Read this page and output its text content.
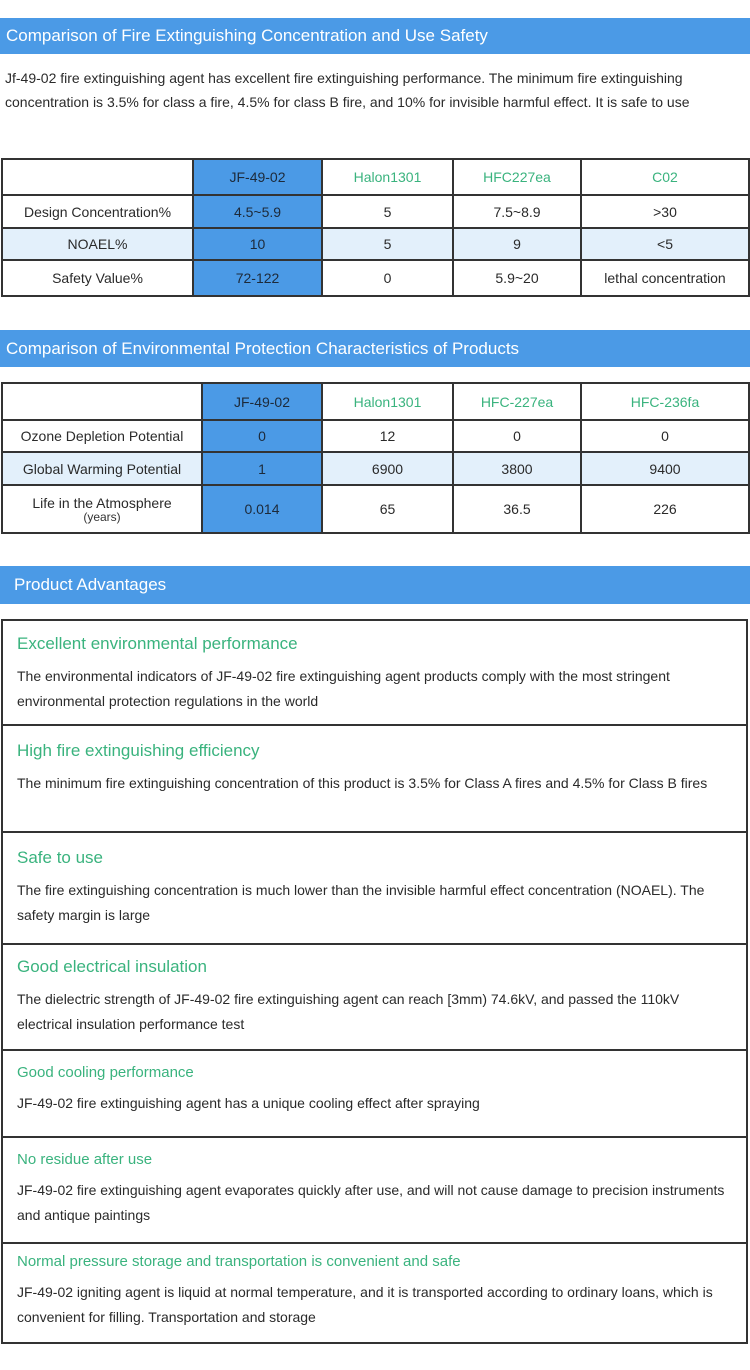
Comparison of Fire Extinguishing Concentration and Use Safety

Jf-49-02 fire extinguishing agent has excellent fire extinguishing performance. The minimum fire extinguishing concentration is 3.5% for class a fire, 4.5% for class B fire, and 10% for invisible harmful effect. It is safe to use

	JF-49-02	Halon1301	HFC227ea	C02
Design Concentration%	4.5~5.9	5	7.5~8.9	>30
NOAEL%	10	5	9	<5
Safety Value%	72-122	0	5.9~20	lethal concentration
Comparison of Environmental Protection Characteristics of Products
	JF-49-02	Halon1301	HFC-227ea	HFC-236fa
Ozone Depletion Potential	0	12	0	0
Global Warming Potential	1	6900	3800	9400
Life in the Atmosphere
(years)	0.014	65	36.5	226
Product Advantages
Excellent environmental performance
The environmental indicators of JF-49-02 fire extinguishing agent products comply with the most stringent environmental protection regulations in the world
High fire extinguishing efficiency
The minimum fire extinguishing concentration of this product is 3.5% for Class A fires and 4.5% for Class B fires
Safe to use
The fire extinguishing concentration is much lower than the invisible harmful effect concentration (NOAEL). The safety margin is large
Good electrical insulation
The dielectric strength of JF-49-02 fire extinguishing agent can reach [3mm) 74.6kV, and passed the 110kV electrical insulation performance test
Good cooling performance
JF-49-02 fire extinguishing agent has a unique cooling effect after spraying
No residue after use
JF-49-02 fire extinguishing agent evaporates quickly after use, and will not cause damage to precision instruments and antique paintings
Normal pressure storage and transportation is convenient and safe
JF-49-02 igniting agent is liquid at normal temperature, and it is transported according to ordinary loans, which is convenient for filling. Transportation and storage
